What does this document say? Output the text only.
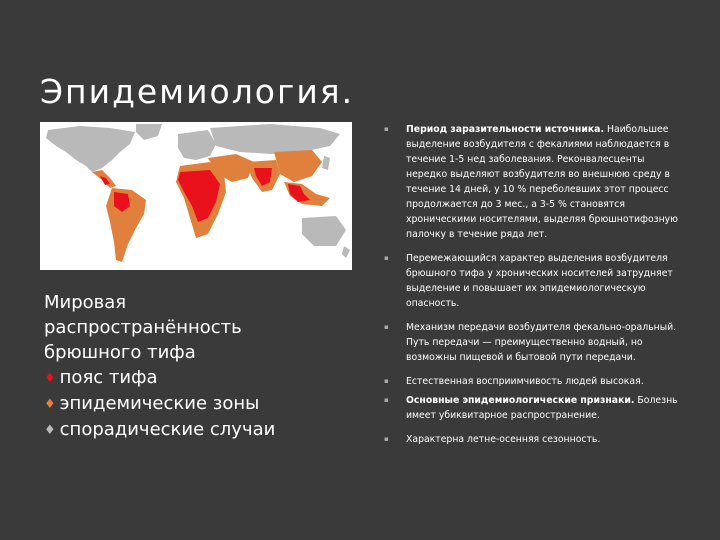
Эпидемиология.
Мировая
распространённость
брюшного тифа
♦ пояс тифа
♦ эпидемические зоны
♦ спорадические случаи
▪ Период заразительности источника. Наибольшее выделение возбудителя с фекалиями наблюдается в течение 1-5 нед заболевания. Реконвалесценты нередко выделяют возбудителя во внешнюю среду в течение 14 дней, у 10 % переболевших этот процесс продолжается до 3 мес., а 3-5 % становятся хроническими носителями, выделяя брюшнотифозную палочку в течение ряда лет.
▪ Перемежающийся характер выделения возбудителя брюшного тифа у хронических носителей затрудняет выделение и повышает их эпидемиологическую опасность.
▪ Механизм передачи возбудителя фекально-оральный. Путь передачи — преимущественно водный, но возможны пищевой и бытовой пути передачи.
▪ Естественная восприимчивость людей высокая.
▪ Основные эпидемиологические признаки. Болезнь имеет убиквитарное распространение.
▪ Характерна летне-осенняя сезонность.
